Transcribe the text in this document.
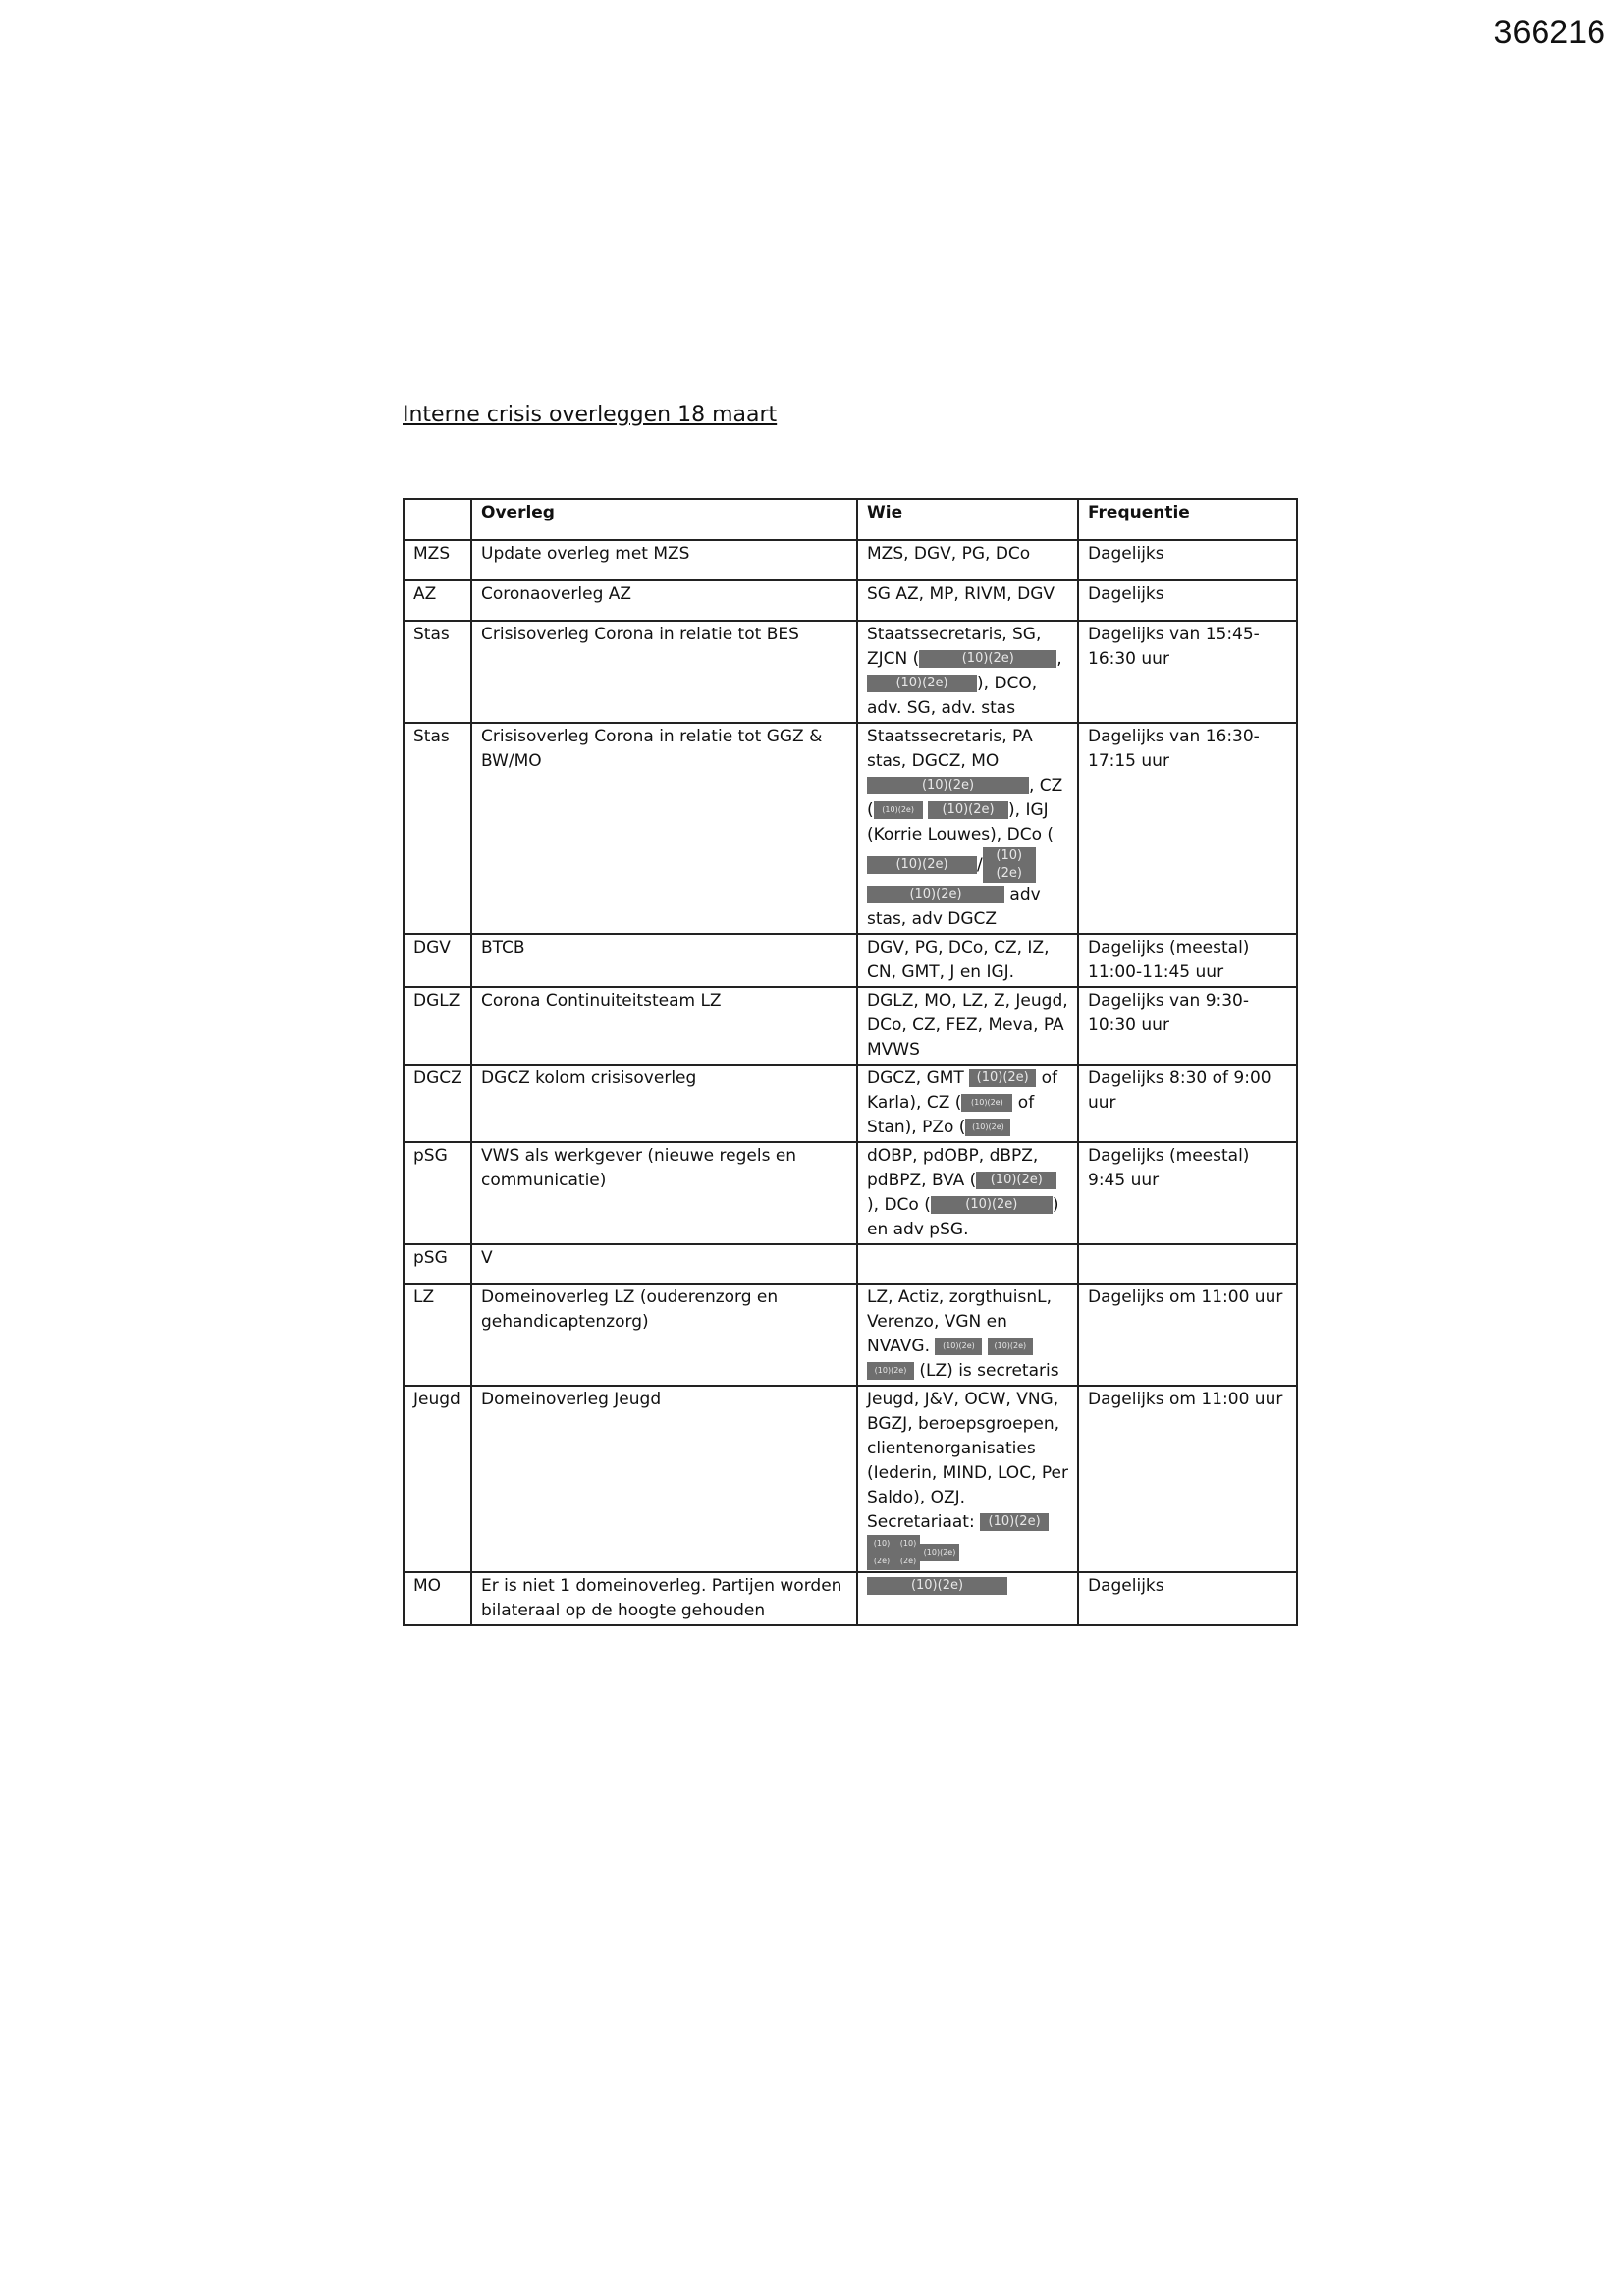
366216
Interne crisis overleggen 18 maart
	Overleg	Wie	Frequentie
MZS	Update overleg met MZS	MZS, DGV, PG, DCo	Dagelijks
AZ	Coronaoverleg AZ	SG AZ, MP, RIVM, DGV	Dagelijks
Stas	Crisisoverleg Corona in relatie tot BES	Staatssecretaris, SG, ZJCN ( (10)(2e) , (10)(2e) ), DCO, adv. SG, adv. stas	Dagelijks van 15:45-16:30 uur
Stas	Crisisoverleg Corona in relatie tot GGZ & BW/MO	Staatssecretaris, PA stas, DGCZ, MO (10)(2e) , CZ ( (10)(2e) (10)(2e) ), IGJ (Korrie Louwes), DCo ((10)(2e) / (10)(2e) (10)(2e) adv stas, adv DGCZ	Dagelijks van 16:30-17:15 uur
DGV	BTCB	DGV, PG, DCo, CZ, IZ, CN, GMT, J en IGJ.	Dagelijks (meestal) 11:00-11:45 uur
DGLZ	Corona Continuiteitsteam LZ	DGLZ, MO, LZ, Z, Jeugd, DCo, CZ, FEZ, Meva, PA MVWS	Dagelijks van 9:30-10:30 uur
DGCZ	DGCZ kolom crisisoverleg	DGCZ, GMT (10)(2e) of Karla), CZ ( (10)(2e) of Stan), PZo ( (10)(2e)	Dagelijks 8:30 of 9:00 uur
pSG	VWS als werkgever (nieuwe regels en communicatie)	dOBP, pdOBP, dBPZ, pdBPZ, BVA ( (10)(2e)), DCo ( (10)(2e) ) en adv pSG.	Dagelijks (meestal) 9:45 uur
pSG	V		
LZ	Domeinoverleg LZ (ouderenzorg en gehandicaptenzorg)	LZ, Actiz, zorgthuisnL, Verenzo, VGN en NVAVG. (10)(2e) (10)(2e) (10)(2e) (LZ) is secretaris	Dagelijks om 11:00 uur
Jeugd	Domeinoverleg Jeugd	Jeugd, J&V, OCW, VNG, BGZJ, beroepsgroepen, clientenorganisaties (Iederin, MIND, LOC, Per Saldo), OZJ. Secretariaat: (10)(2e) (10)(2e)(10)(2e)(10)(2e)	Dagelijks om 11:00 uur
MO	Er is niet 1 domeinoverleg. Partijen worden bilateraal op de hoogte gehouden	(10)(2e)	Dagelijks
